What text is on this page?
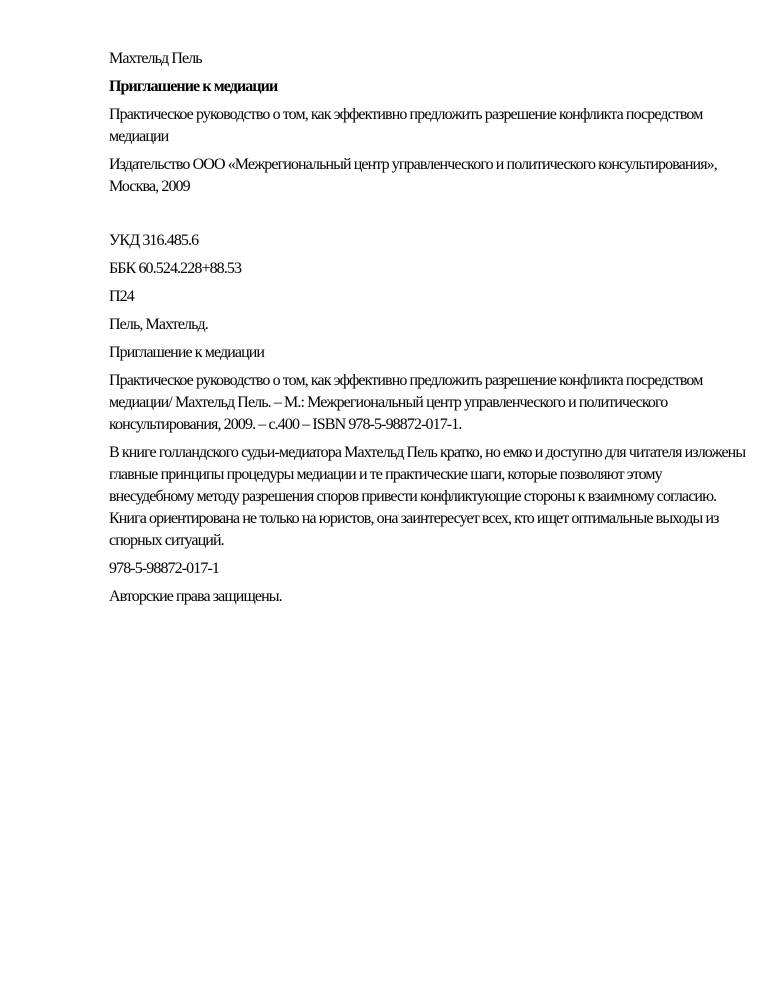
Махтельд Пель
Приглашение к медиации
Практическое руководство о том, как эффективно предложить разрешение конфликта посредством медиации
Издательство ООО «Межрегиональный центр управленческого и политического консультирования», Москва, 2009
УКД 316.485.6
ББК 60.524.228+88.53
П24
Пель, Махтельд.
Приглашение к медиации
Практическое руководство о том, как эффективно предложить разрешение конфликта посредством медиации/ Махтельд Пель. – М.: Межрегиональный центр управленческого и политического консультирования, 2009. – с.400 – ISBN 978-5-98872-017-1.
В книге голландского судьи-медиатора Махтельд Пель кратко, но емко и доступно для читателя изложены главные принципы процедуры медиации и те практические шаги, которые позволяют этому внесудебному методу разрешения споров привести конфликтующие стороны к взаимному согласию. Книга ориентирована не только на юристов, она заинтересует всех, кто ищет оптимальные выходы из спорных ситуаций.
978-5-98872-017-1
Авторские права защищены.
